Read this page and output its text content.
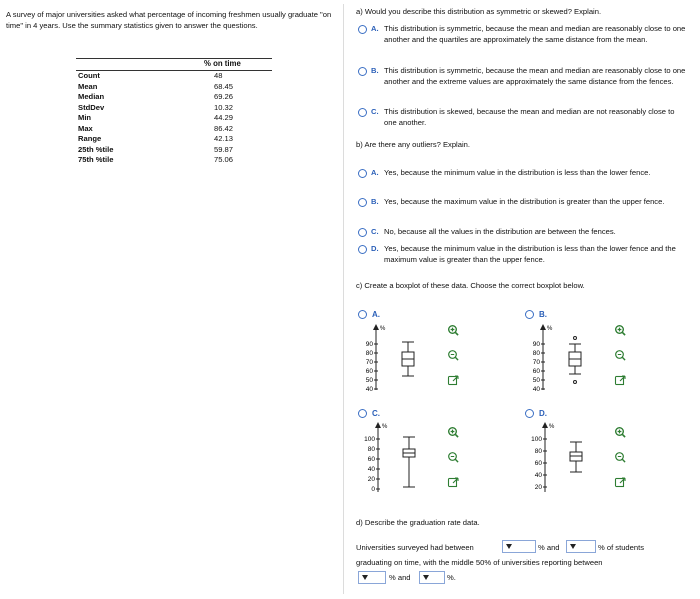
A survey of major universities asked what percentage of incoming freshmen usually graduate "on time" in 4 years. Use the summary statistics given to answer the questions.
% on time
Count	48
Mean	68.45
Median	69.26
StdDev	10.32
Min	44.29
Max	86.42
Range	42.13
25th %tile	59.87
75th %tile	75.06
a) Would you describe this distribution as symmetric or skewed? Explain.
A. This distribution is symmetric, because the mean and median are reasonably close to one another and the quartiles are approximately the same distance from the mean.
B. This distribution is symmetric, because the mean and median are reasonably close to one another and the extreme values are approximately the same distance from the fences.
C. This distribution is skewed, because the mean and median are not reasonably close to one another.
b) Are there any outliers? Explain.
A. Yes, because the minimum value in the distribution is less than the lower fence.
B. Yes, because the maximum value in the distribution is greater than the upper fence.
C. No, because all the values in the distribution are between the fences.
D. Yes, because the minimum value in the distribution is less than the lower fence and the maximum value is greater than the upper fence.
c) Create a boxplot of these data. Choose the correct boxplot below.
A.
%
90
80
70
60
50
40
B.
%
90
80
70
60
50
40
C.
%
100
80
60
40
20
0
D.
%
100
80
60
40
20
d) Describe the graduation rate data.
Universities surveyed had between	% and	% of students
graduating on time, with the middle 50% of universities reporting between
% and	%.
